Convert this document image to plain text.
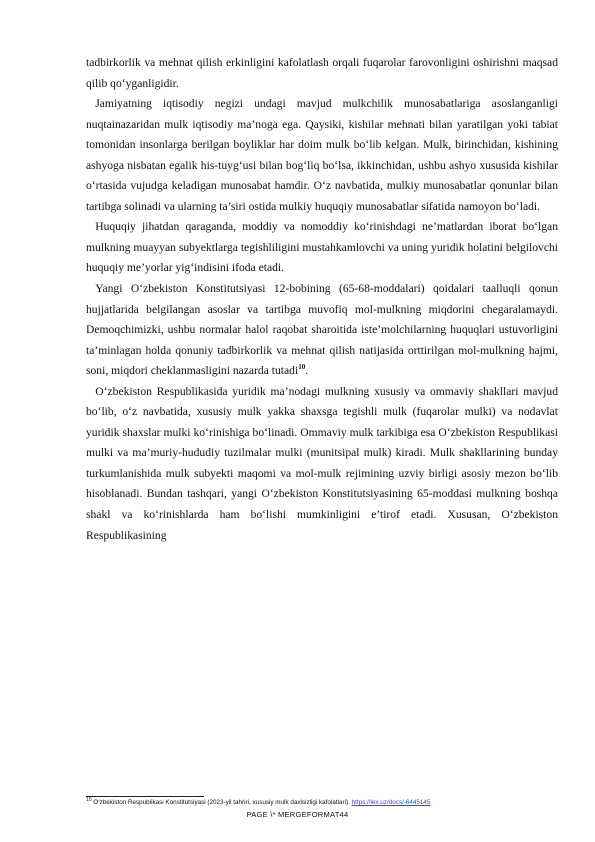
tadbirkorlik va mehnat qilish erkinligini kafolatlash orqali fuqarolar farovonligini oshirishni maqsad qilib qo‘yganligidir.

Jamiyatning iqtisodiy negizi undagi mavjud mulkchilik munosabatlariga asoslanganligi nuqtainazaridan mulk iqtisodiy ma’noga ega. Qaysiki, kishilar mehnati bilan yaratilgan yoki tabiat tomonidan insonlarga berilgan boyliklar har doim mulk bo‘lib kelgan. Mulk, birinchidan, kishining ashyoga nisbatan egalik his-tuyg‘usi bilan bog‘liq bo‘lsa, ikkinchidan, ushbu ashyo xususida kishilar o‘rtasida vujudga keladigan munosabat hamdir. O‘z navbatida, mulkiy munosabatlar qonunlar bilan tartibga solinadi va ularning ta’siri ostida mulkiy huquqiy munosabatlar sifatida namoyon bo‘ladi.

Huquqiy jihatdan qaraganda, moddiy va nomoddiy ko‘rinishdagi ne’matlardan iborat bo‘lgan mulkning muayyan subyektlarga tegishliligini mustahkamlovchi va uning yuridik holatini belgilovchi huquqiy me’yorlar yig‘indisini ifoda etadi.

Yangi O‘zbekiston Konstitutsiyasi 12-bobining (65-68-moddalari) qoidalari taalluqli qonun hujjatlarida belgilangan asoslar va tartibga muvofiq mol-mulkning miqdorini chegaralamaydi. Demoqchimizki, ushbu normalar halol raqobat sharoitida iste’molchilarning huquqlari ustuvorligini ta’minlagan holda qonuniy tadbirkorlik va mehnat qilish natijasida orttirilgan mol-mulkning hajmi, soni, miqdori cheklanmasligini nazarda tutadi$^{10}$.

O‘zbekiston Respublikasida yuridik ma’nodagi mulkning xususiy va ommaviy shakllari mavjud bo‘lib, o‘z navbatida, xususiy mulk yakka shaxsga tegishli mulk (fuqarolar mulki) va nodavlat yuridik shaxslar mulki ko‘rinishiga bo‘linadi. Ommaviy mulk tarkibiga esa O‘zbekiston Respublikasi mulki va ma’muriy-hududiy tuzilmalar mulki (munitsipal mulk) kiradi. Mulk shakllarining bunday turkumlanishida mulk subyekti maqomi va mol-mulk rejimining uzviy birligi asosiy mezon bo‘lib hisoblanadi. Bundan tashqari, yangi O‘zbekiston Konstitutsiyasining 65-moddasi mulkning boshqa shakl va ko‘rinishlarda ham bo‘lishi mumkinligini e’tirof etadi. Xususan, O‘zbekiston Respublikasining

$^{10}$ O‘zbekiston Respublikasi Konstitutsiyasi (2023-yil tahriri, xususiy mulk daxlsizligi kafolatlari). https://lex.uz/docs/-6445145
PAGE \* MERGEFORMAT44
